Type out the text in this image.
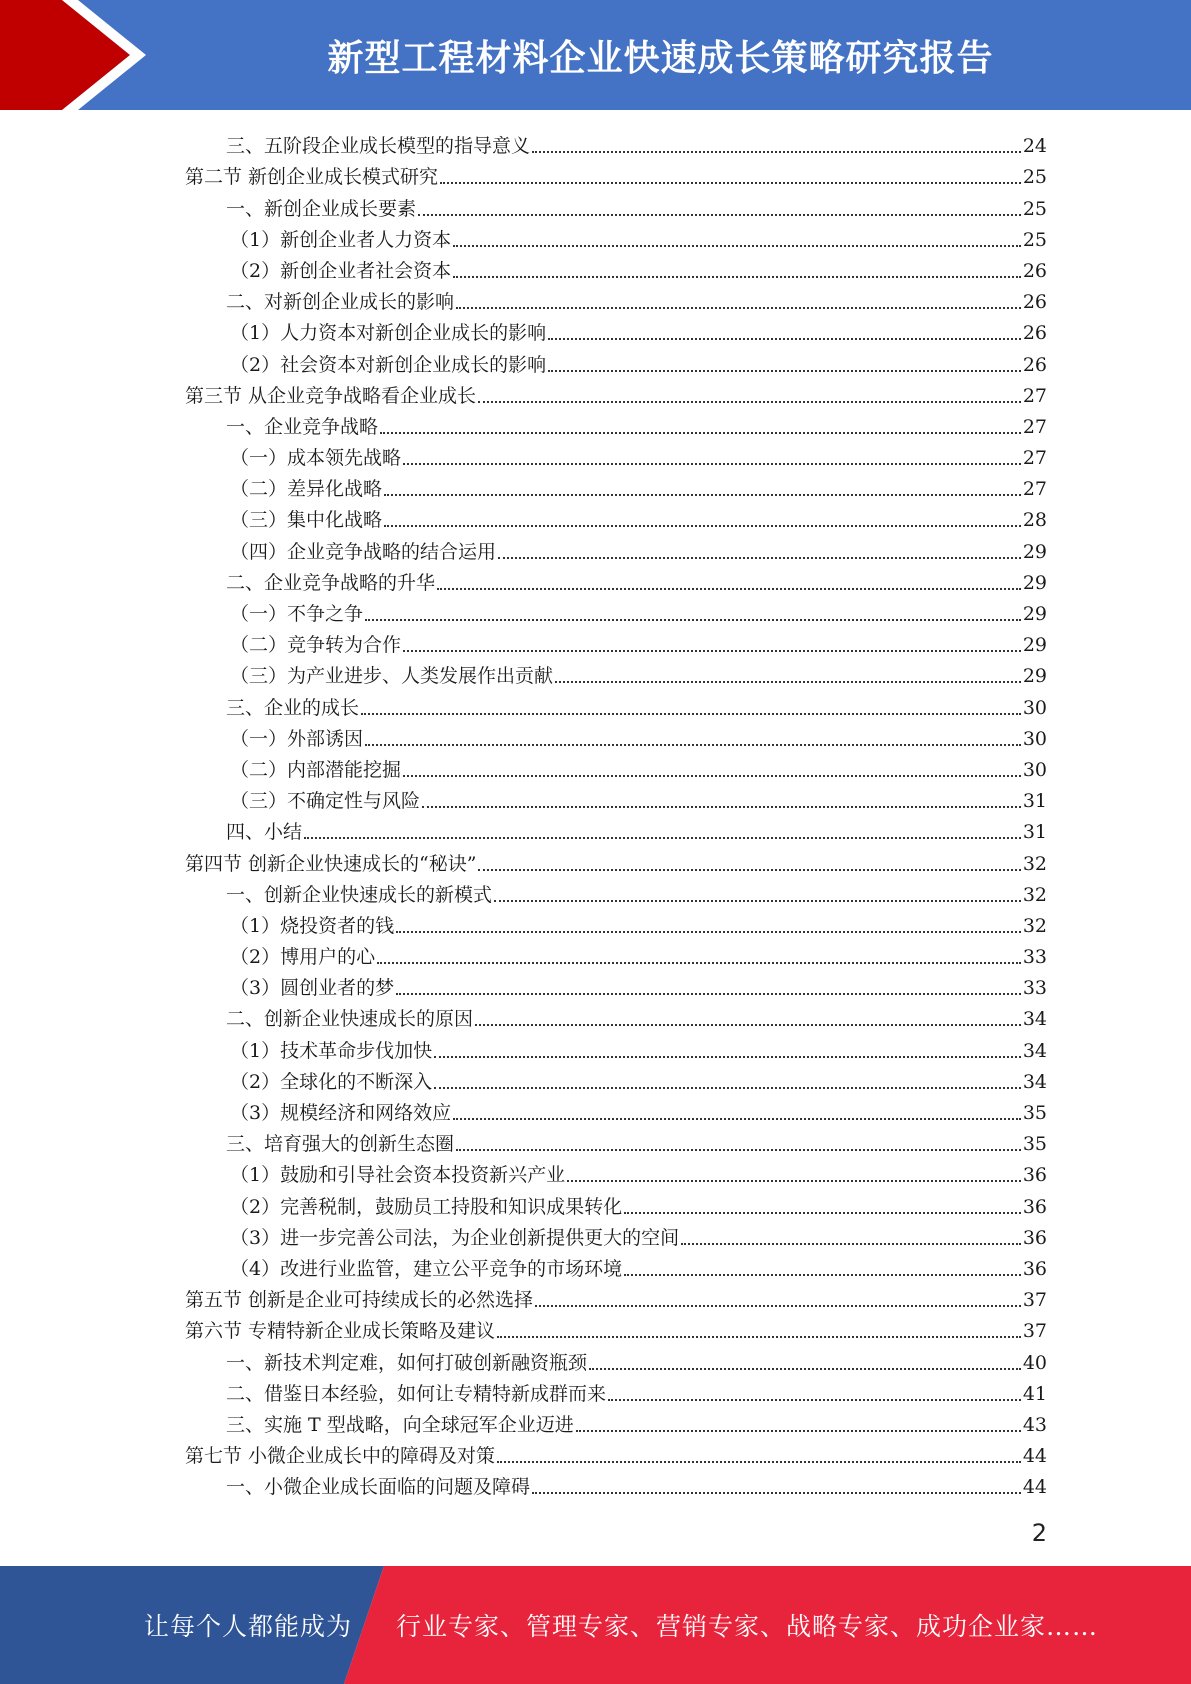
新型工程材料企业快速成长策略研究报告
三、五阶段企业成长模型的指导意义	24
第二节 新创企业成长模式研究	25
一、新创企业成长要素	25
（1）新创企业者人力资本	25
（2）新创企业者社会资本	26
二、对新创企业成长的影响	26
（1）人力资本对新创企业成长的影响	26
（2）社会资本对新创企业成长的影响	26
第三节 从企业竞争战略看企业成长	27
一、企业竞争战略	27
（一）成本领先战略	27
（二）差异化战略	27
（三）集中化战略	28
（四）企业竞争战略的结合运用	29
二、企业竞争战略的升华	29
（一）不争之争	29
（二）竞争转为合作	29
（三）为产业进步、人类发展作出贡献	29
三、企业的成长	30
（一）外部诱因	30
（二）内部潜能挖掘	30
（三）不确定性与风险	31
四、小结	31
第四节 创新企业快速成长的“秘诀”	32
一、创新企业快速成长的新模式	32
（1）烧投资者的钱	32
（2）博用户的心	33
（3）圆创业者的梦	33
二、创新企业快速成长的原因	34
（1）技术革命步伐加快	34
（2）全球化的不断深入	34
（3）规模经济和网络效应	35
三、培育强大的创新生态圈	35
（1）鼓励和引导社会资本投资新兴产业	36
（2）完善税制，鼓励员工持股和知识成果转化	36
（3）进一步完善公司法，为企业创新提供更大的空间	36
（4）改进行业监管，建立公平竞争的市场环境	36
第五节 创新是企业可持续成长的必然选择	37
第六节 专精特新企业成长策略及建议	37
一、新技术判定难，如何打破创新融资瓶颈	40
二、借鉴日本经验，如何让专精特新成群而来	41
三、实施 T 型战略，向全球冠军企业迈进	43
第七节 小微企业成长中的障碍及对策	44
一、小微企业成长面临的问题及障碍	44
2
让每个人都能成为 行业专家、管理专家、营销专家、战略专家、成功企业家……
